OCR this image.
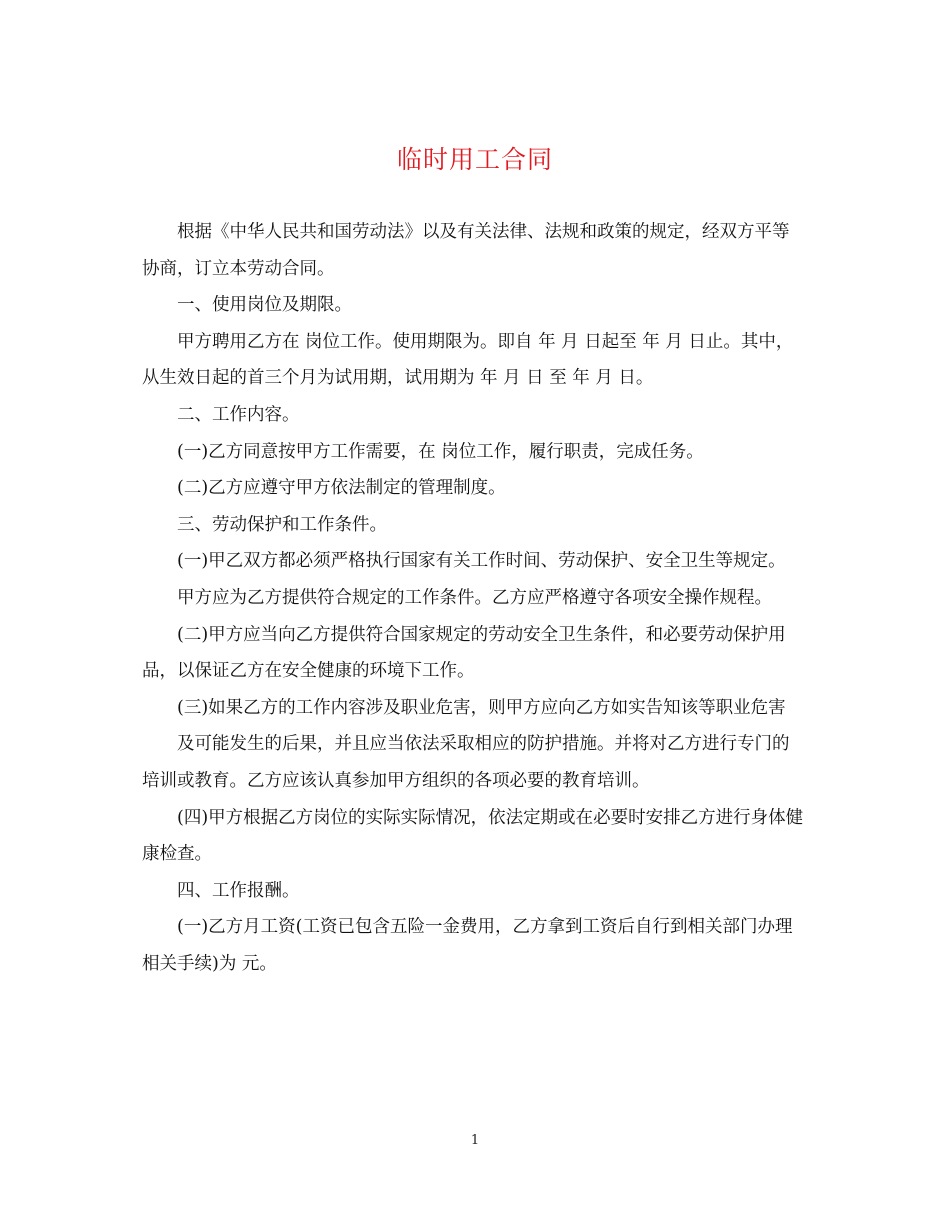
临时用工合同

根据《中华人民共和国劳动法》以及有关法律、法规和政策的规定，经双方平等协商，订立本劳动合同。

一、使用岗位及期限。

甲方聘用乙方在 岗位工作。使用期限为。即自 年 月 日起至 年 月 日止。其中，从生效日起的首三个月为试用期，试用期为 年 月 日 至 年 月 日。

二、工作内容。

(一)乙方同意按甲方工作需要，在 岗位工作，履行职责，完成任务。

(二)乙方应遵守甲方依法制定的管理制度。

三、劳动保护和工作条件。

(一)甲乙双方都必须严格执行国家有关工作时间、劳动保护、安全卫生等规定。

甲方应为乙方提供符合规定的工作条件。乙方应严格遵守各项安全操作规程。

(二)甲方应当向乙方提供符合国家规定的劳动安全卫生条件，和必要劳动保护用品，以保证乙方在安全健康的环境下工作。

(三)如果乙方的工作内容涉及职业危害，则甲方应向乙方如实告知该等职业危害

及可能发生的后果，并且应当依法采取相应的防护措施。并将对乙方进行专门的培训或教育。乙方应该认真参加甲方组织的各项必要的教育培训。

(四)甲方根据乙方岗位的实际实际情况，依法定期或在必要时安排乙方进行身体健康检查。

四、工作报酬。

(一)乙方月工资(工资已包含五险一金费用，乙方拿到工资后自行到相关部门办理相关手续)为 元。

1
